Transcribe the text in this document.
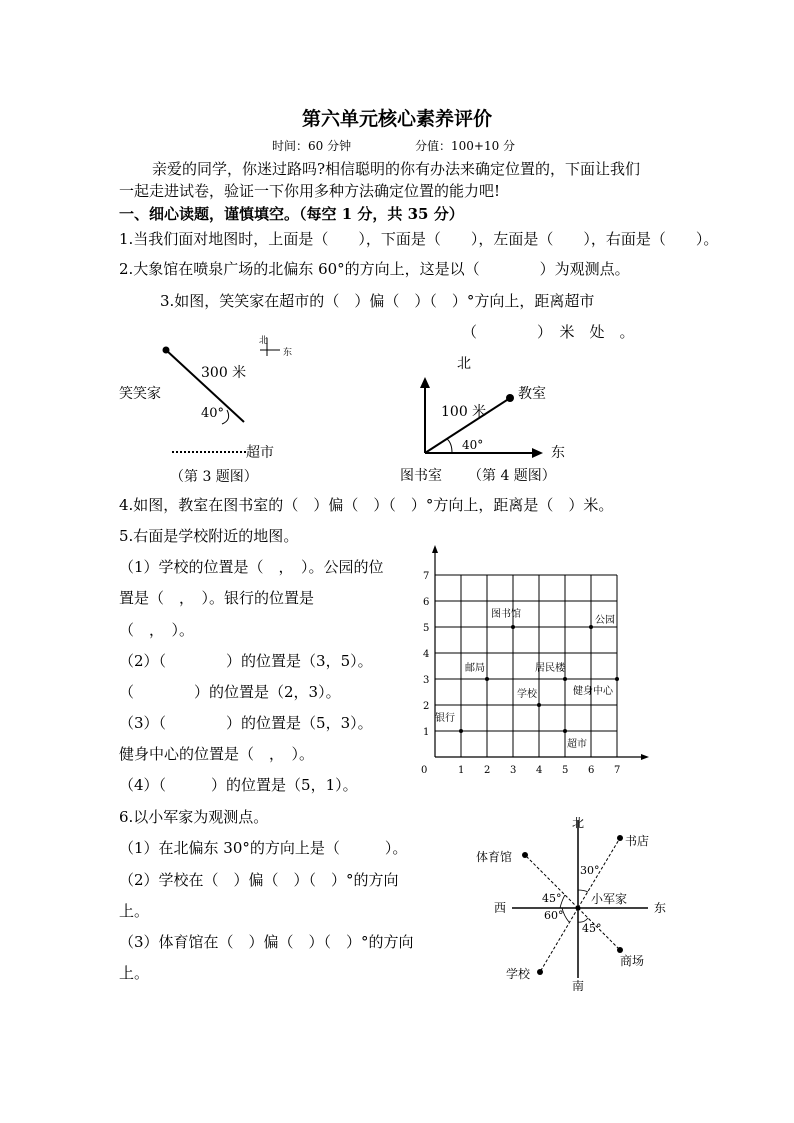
第六单元核心素养评价
时间：60 分钟	分值：100+10 分
亲爱的同学，你迷过路吗?相信聪明的你有办法来确定位置的，下面让我们
一起走进试卷，验证一下你用多种方法确定位置的能力吧!
一、细心读题，谨慎填空。（每空 1 分，共 35 分）
1.当我们面对地图时，上面是（　　），下面是（　　），左面是（　　），右面是（　　）。
2.大象馆在喷泉广场的北偏东 60°的方向上，这是以（　　　　）为观测点。
3.如图，笑笑家在超市的（　）偏（　）（　）°方向上，距离超市
（　　　　）　米　处　。
北
东
300 米
笑笑家
40°
超市
（第 3 题图）
北
教室
100 米
40°	东
图书室 （第 4 题图）
4.如图，教室在图书室的（　）偏（　）（　）°方向上，距离是（　）米。
5.右面是学校附近的地图。
（1）学校的位置是（　，　）。公园的位
置是（　，　）。银行的位置是
（　，　）。
（2）（　　　　）的位置是（3，5）。
（　　　　）的位置是（2，3）。
（3）（　　　　）的位置是（5，3）。
健身中心的位置是（　，　）。
（4）（　　　）的位置是（5，1）。
0	1 2 3 4 5 6 7
1
2
3
4
5
6
7
图书馆
公园
邮局	居民楼
健身中心
学校
银行
超市
6.以小军家为观测点。
（1）在北偏东 30°的方向上是（　　　）。
（2）学校在（　）偏（　）（　）°的方向
上。
（3）体育馆在（　）偏（　）（　）°的方向
上。
北
南
西	东
小军家
书店
体育馆
学校
商场
30°
45°
60°
45°
